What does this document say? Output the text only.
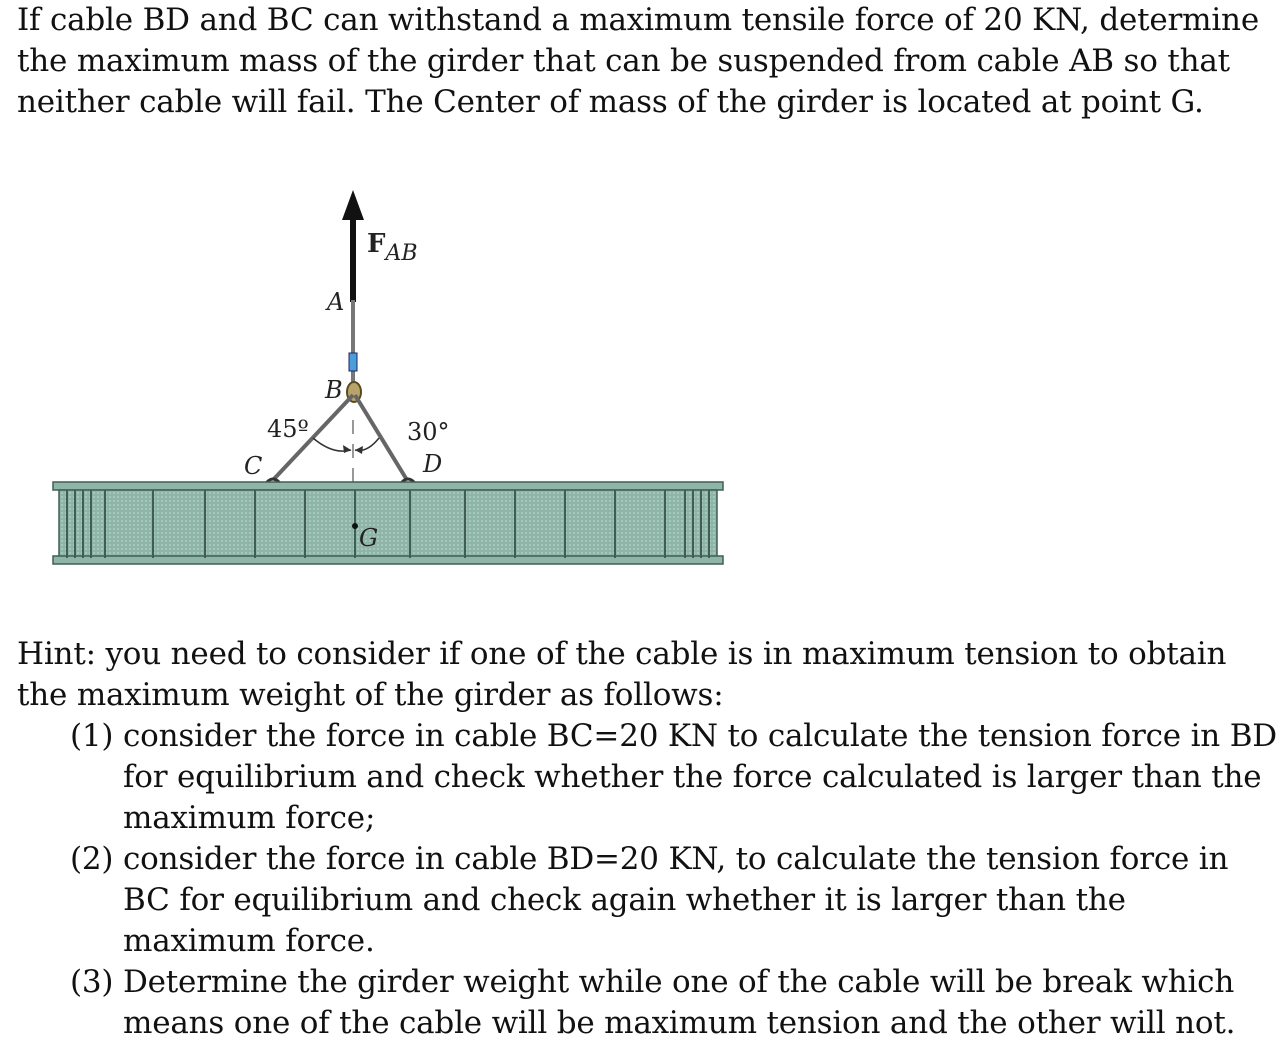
If cable BD and BC can withstand a maximum tensile force of 20 KN, determine the maximum mass of the girder that can be suspended from cable AB so that neither cable will fail. The Center of mass of the girder is located at point G.

$F_{AB}$
A
B
C	D
G
45º	30°

Hint: you need to consider if one of the cable is in maximum tension to obtain the maximum weight of the girder as follows:

(1) consider the force in cable BC=20 KN to calculate the tension force in BD for equilibrium and check whether the force calculated is larger than the maximum force;
(2) consider the force in cable BD=20 KN, to calculate the tension force in BC for equilibrium and check again whether it is larger than the maximum force.
(3) Determine the girder weight while one of the cable will be break which means one of the cable will be maximum tension and the other will not.
